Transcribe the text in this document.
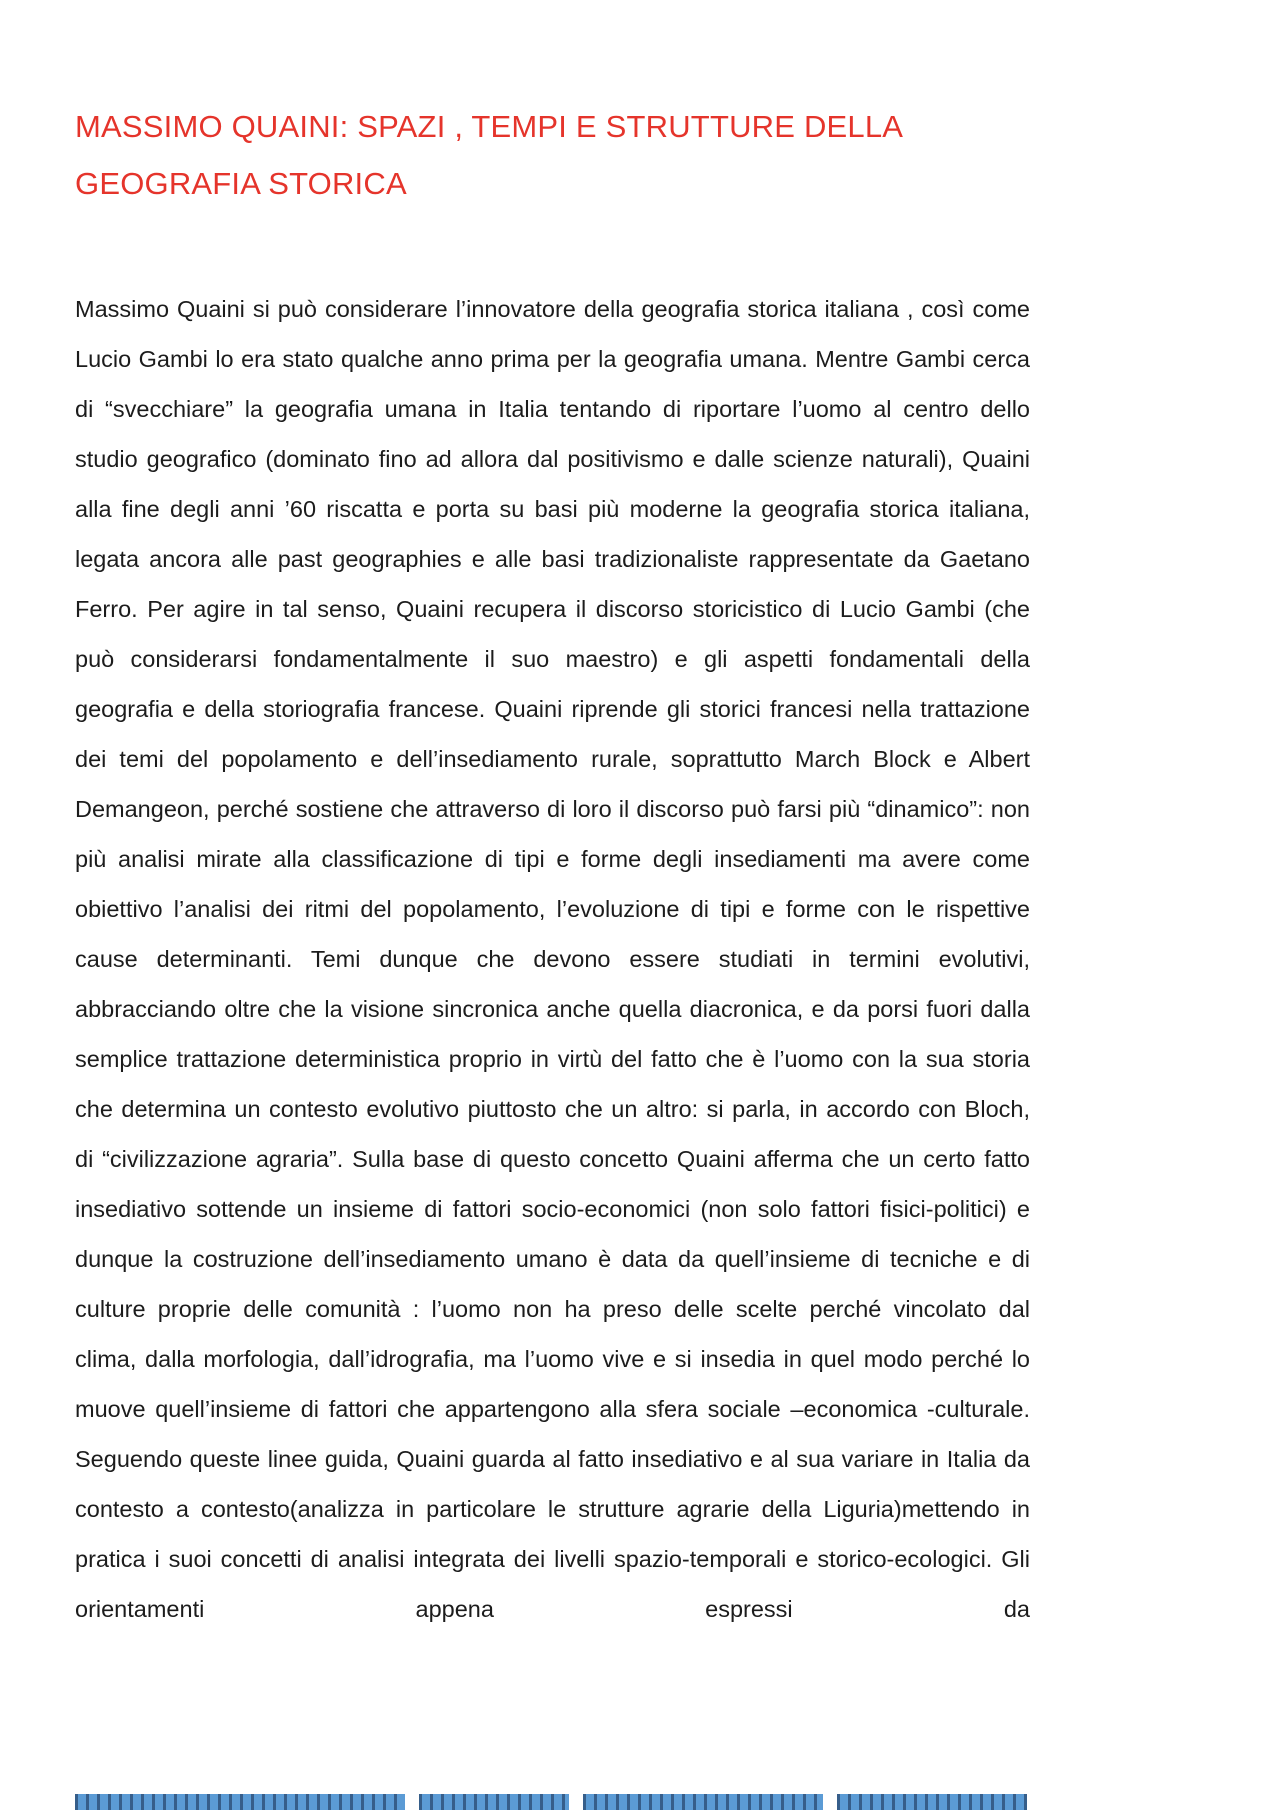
MASSIMO QUAINI: SPAZI , TEMPI E STRUTTURE DELLA
GEOGRAFIA STORICA

Massimo Quaini si può considerare l’innovatore della geografia storica italiana , così come Lucio Gambi lo era stato qualche anno prima per la geografia umana. Mentre Gambi cerca di “svecchiare” la geografia umana in Italia tentando di riportare l’uomo al centro dello studio geografico (dominato fino ad allora dal positivismo e dalle scienze naturali), Quaini alla fine degli anni ’60 riscatta e porta su basi più moderne la geografia storica italiana, legata ancora alle past geographies e alle basi tradizionaliste rappresentate da Gaetano Ferro. Per agire in tal senso, Quaini recupera il discorso storicistico di Lucio Gambi (che può considerarsi fondamentalmente il suo maestro) e gli aspetti fondamentali della geografia e della storiografia francese. Quaini riprende gli storici francesi nella trattazione dei temi del popolamento e dell’insediamento rurale, soprattutto March Block e Albert Demangeon, perché sostiene che attraverso di loro il discorso può farsi più “dinamico”: non più analisi mirate alla classificazione di tipi e forme degli insediamenti ma avere come obiettivo l’analisi dei ritmi del popolamento, l’evoluzione di tipi e forme con le rispettive cause determinanti. Temi dunque che devono essere studiati in termini evolutivi, abbracciando oltre che la visione sincronica anche quella diacronica, e da porsi fuori dalla semplice trattazione deterministica proprio in virtù del fatto che è l’uomo con la sua storia che determina un contesto evolutivo piuttosto che un altro: si parla, in accordo con Bloch, di “civilizzazione agraria”. Sulla base di questo concetto Quaini afferma che un certo fatto insediativo sottende un insieme di fattori socio-economici (non solo fattori fisici-politici) e dunque la costruzione dell’insediamento umano è data da quell’insieme di tecniche e di culture proprie delle comunità : l’uomo non ha preso delle scelte perché vincolato dal clima, dalla morfologia, dall’idrografia, ma l’uomo vive e si insedia in quel modo perché lo muove quell’insieme di fattori che appartengono alla sfera sociale –economica -culturale. Seguendo queste linee guida, Quaini guarda al fatto insediativo e al sua variare in Italia da contesto a contesto(analizza in particolare le strutture agrarie della Liguria)mettendo in pratica i suoi concetti di analisi integrata dei livelli spazio-temporali e storico-ecologici. Gli orientamenti appena espressi da
